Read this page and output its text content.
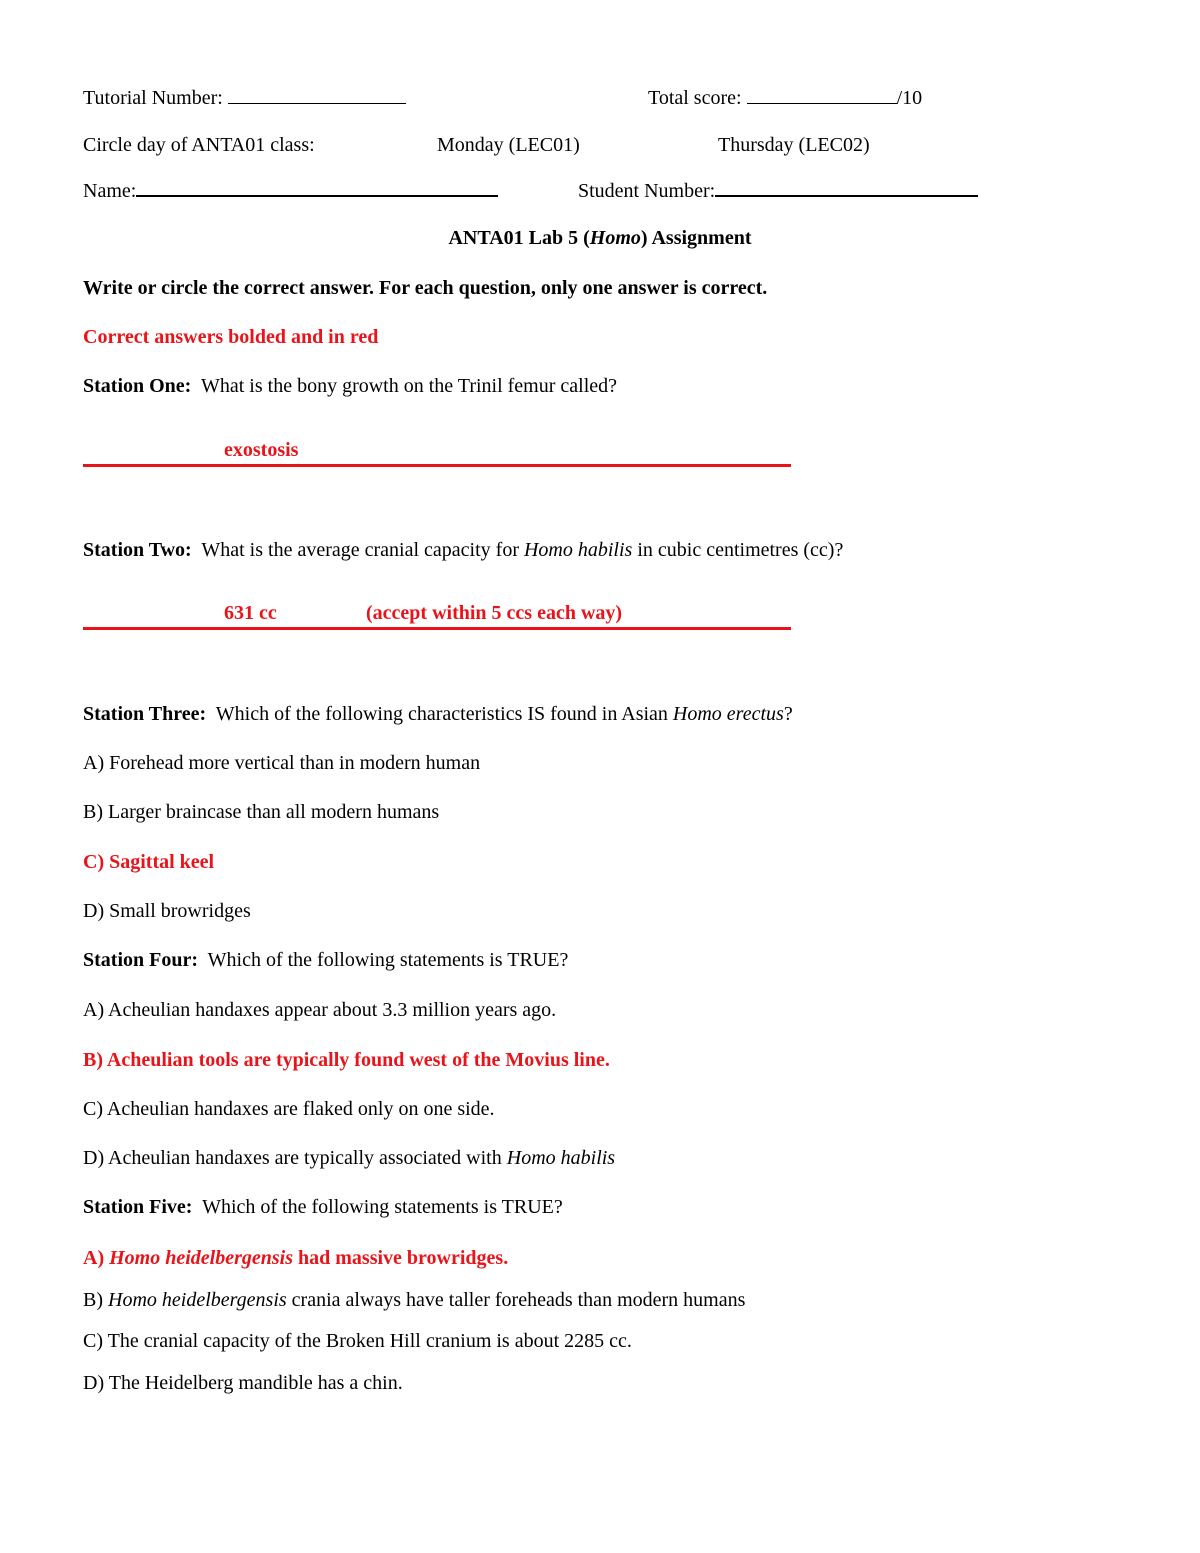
Tutorial Number:	Total score:	/10
Circle day of ANTA01 class:	Monday (LEC01)	Thursday (LEC02)
Name:	Student Number:
ANTA01 Lab 5 (Homo) Assignment
Write or circle the correct answer. For each question, only one answer is correct.
Correct answers bolded and in red
Station One: What is the bony growth on the Trinil femur called?
exostosis
Station Two: What is the average cranial capacity for Homo habilis in cubic centimetres (cc)?
631 cc	(accept within 5 ccs each way)
Station Three: Which of the following characteristics IS found in Asian Homo erectus?
A) Forehead more vertical than in modern human
B) Larger braincase than all modern humans
C) Sagittal keel
D) Small browridges
Station Four: Which of the following statements is TRUE?
A) Acheulian handaxes appear about 3.3 million years ago.
B) Acheulian tools are typically found west of the Movius line.
C) Acheulian handaxes are flaked only on one side.
D) Acheulian handaxes are typically associated with Homo habilis
Station Five: Which of the following statements is TRUE?
A) Homo heidelbergensis had massive browridges.
B) Homo heidelbergensis crania always have taller foreheads than modern humans
C) The cranial capacity of the Broken Hill cranium is about 2285 cc.
D) The Heidelberg mandible has a chin.
